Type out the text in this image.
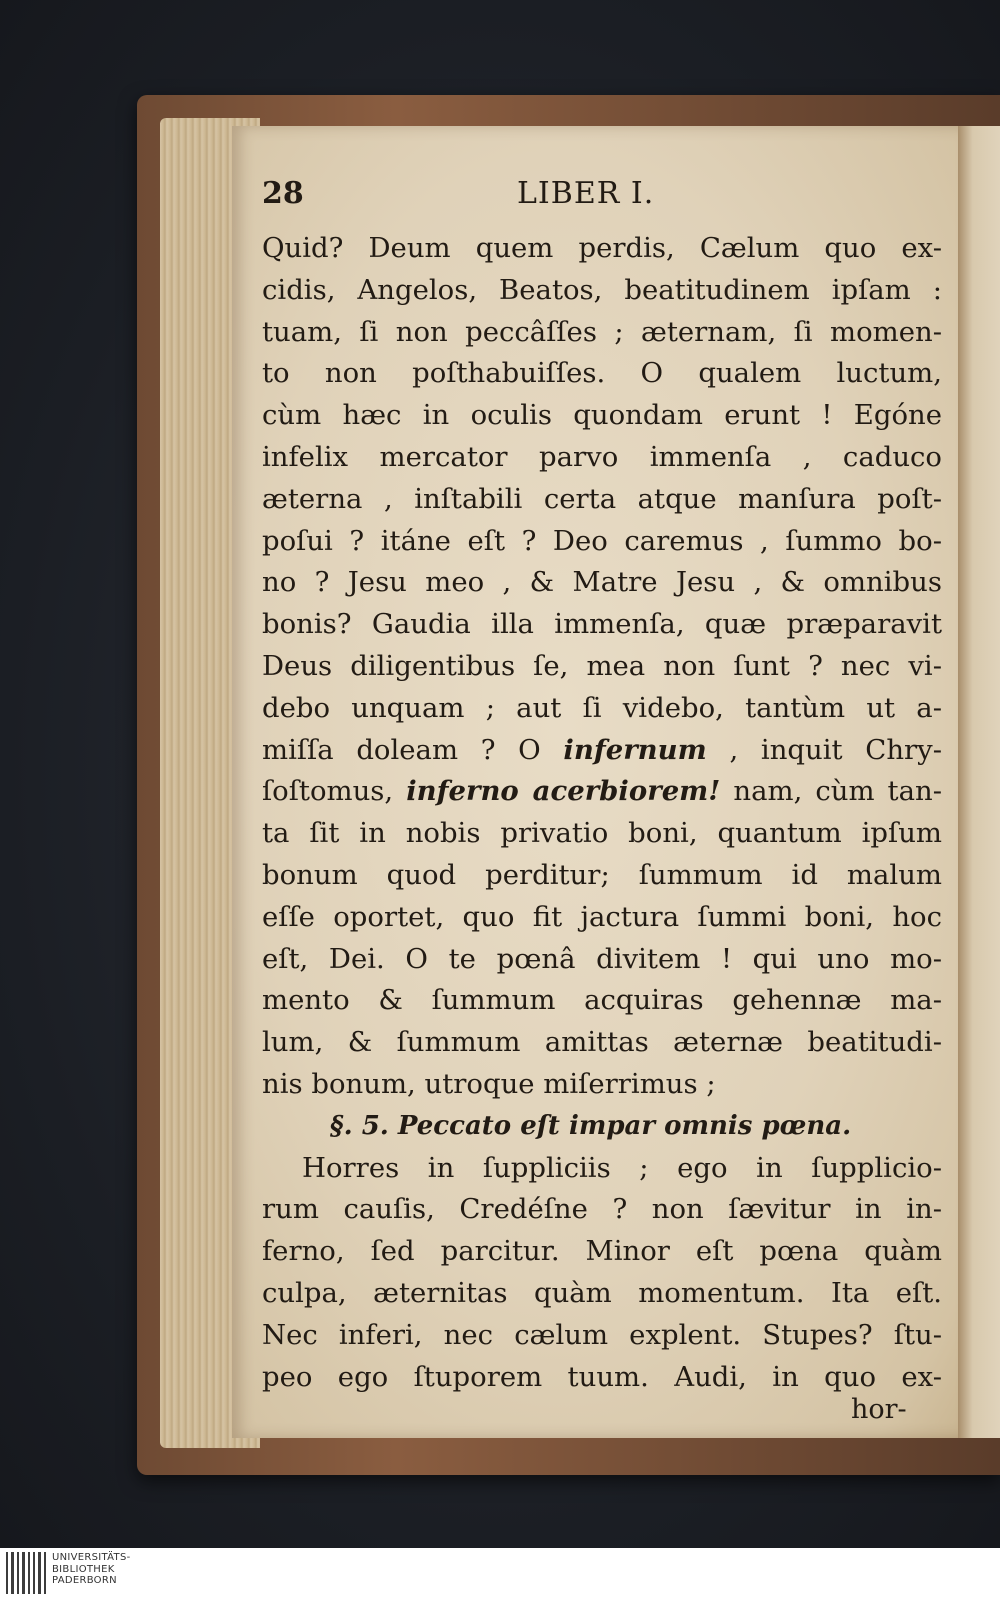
28	LIBER I.
Quid? Deum quem perdis, Cælum quo ex-
cidis, Angelos, Beatos, beatitudinem ipſam :
tuam, ſi non peccâſſes ; æternam, ſi momen-
to non poſthabuiſſes. O qualem luctum,
cùm hæc in oculis quondam erunt ! Egóne
infelix mercator parvo immenſa , caduco
æterna , inſtabili certa atque manſura poſt-
poſui ? itáne eſt ? Deo caremus , ſummo bo-
no ? Jesu meo , & Matre Jesu , & omnibus
bonis? Gaudia illa immenſa, quæ præparavit
Deus diligentibus ſe, mea non ſunt ? nec vi-
debo unquam ; aut ſi videbo, tantùm ut a-
miſſa doleam ? O infernum , inquit Chry-
ſoſtomus, inferno acerbiorem! nam, cùm tan-
ta ſit in nobis privatio boni, quantum ipſum
bonum quod perditur; ſummum id malum
eſſe oportet, quo fit jactura ſummi boni, hoc
eſt, Dei. O te pœnâ divitem ! qui uno mo-
mento & ſummum acquiras gehennæ ma-
lum, & ſummum amittas æternæ beatitudi-
nis bonum, utroque miſerrimus ;
§. 5. Peccato eſt impar omnis pœna.
Horres in ſuppliciis ; ego in ſupplicio-
rum cauſis, Credéſne ? non ſævitur in in-
ferno, ſed parcitur. Minor eſt pœna quàm
culpa, æternitas quàm momentum. Ita eſt.
Nec inferi, nec cælum explent. Stupes? ſtu-
peo ego ſtuporem tuum. Audi, in quo ex-
hor-
UNIVERSITÄTS-
BIBLIOTHEK
PADERBORN
